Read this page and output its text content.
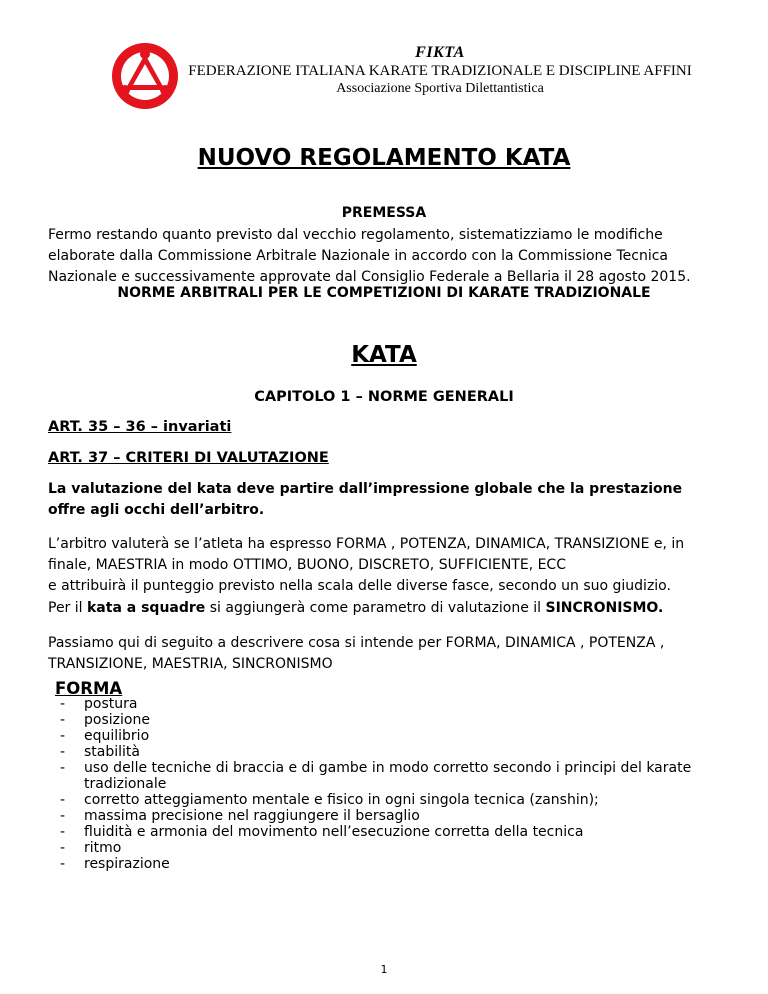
FIKTA
FEDERAZIONE ITALIANA KARATE TRADIZIONALE E DISCIPLINE AFFINI
Associazione Sportiva Dilettantistica
NUOVO REGOLAMENTO KATA
PREMESSA
Fermo restando quanto previsto dal vecchio regolamento, sistematizziamo le modifiche
elaborate dalla Commissione Arbitrale Nazionale in accordo con la Commissione Tecnica
Nazionale e successivamente approvate dal Consiglio Federale a Bellaria il 28 agosto 2015.
NORME ARBITRALI PER LE COMPETIZIONI DI KARATE TRADIZIONALE
KATA
CAPITOLO 1 – NORME GENERALI
ART. 35 – 36 – invariati
ART. 37 – CRITERI DI VALUTAZIONE
La valutazione del kata deve partire dall’impressione globale che la prestazione
offre agli occhi dell’arbitro.
L’arbitro valuterà se l’atleta ha espresso FORMA , POTENZA, DINAMICA, TRANSIZIONE e, in
finale, MAESTRIA in modo OTTIMO, BUONO, DISCRETO, SUFFICIENTE, ECC
e attribuirà il punteggio previsto nella scala delle diverse fasce, secondo un suo giudizio.
Per il kata a squadre si aggiungerà come parametro di valutazione il SINCRONISMO.
Passiamo qui di seguito a descrivere cosa si intende per FORMA, DINAMICA , POTENZA ,
TRANSIZIONE, MAESTRIA, SINCRONISMO
FORMA
- postura
- posizione
- equilibrio
- stabilità
- uso delle tecniche di braccia e di gambe in modo corretto secondo i principi del karate tradizionale
- corretto atteggiamento mentale e fisico in ogni singola tecnica (zanshin);
- massima precisione nel raggiungere il bersaglio
- fluidità e armonia del movimento nell’esecuzione corretta della tecnica
- ritmo
- respirazione
1
